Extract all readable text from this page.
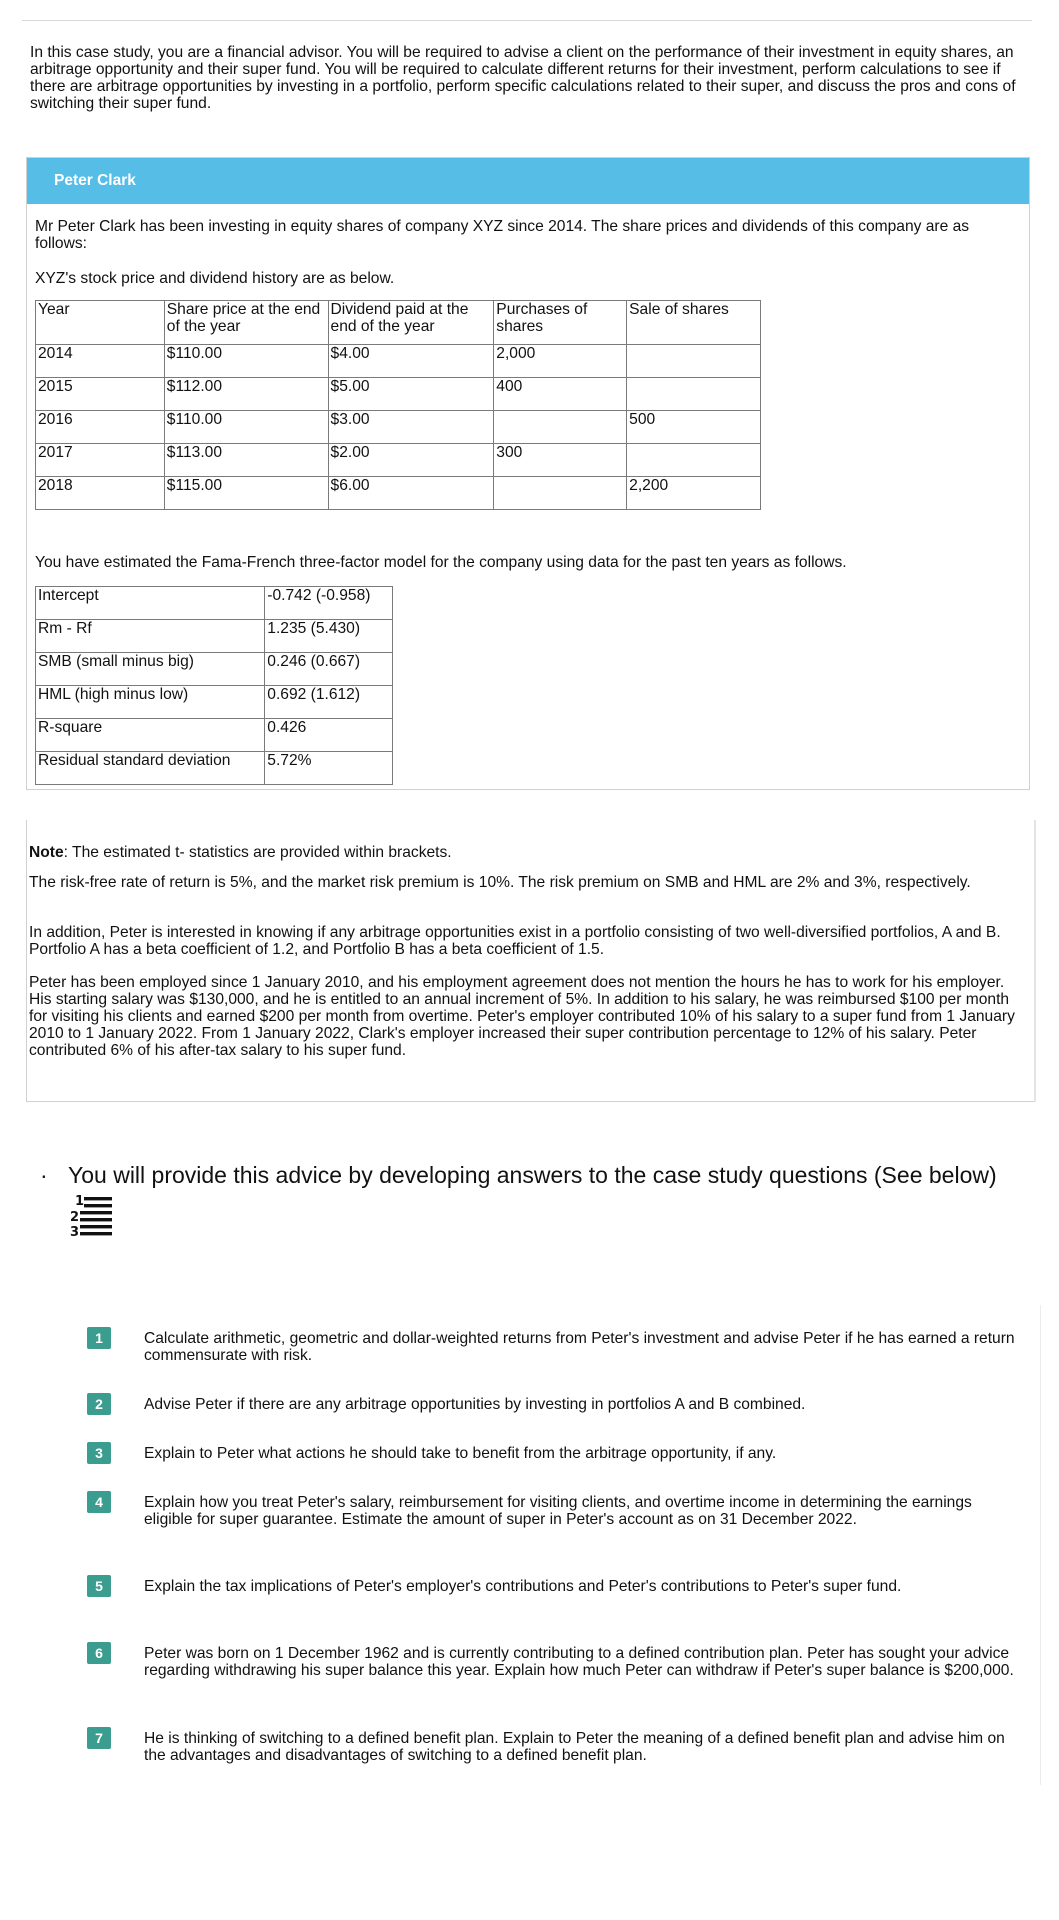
In this case study, you are a financial advisor. You will be required to advise a client on the performance of their investment in equity shares, an arbitrage opportunity and their super fund. You will be required to calculate different returns for their investment, perform calculations to see if there are arbitrage opportunities by investing in a portfolio, perform specific calculations related to their super, and discuss the pros and cons of switching their super fund.

Peter Clark

Mr Peter Clark has been investing in equity shares of company XYZ since 2014. The share prices and dividends of this company are as follows:

XYZ's stock price and dividend history are as below.

Year	Share price at the end of the year	Dividend paid at the end of the year	Purchases of shares	Sale of shares
2014	$110.00	$4.00	2,000	
2015	$112.00	$5.00	400	
2016	$110.00	$3.00		500
2017	$113.00	$2.00	300	
2018	$115.00	$6.00		2,200

You have estimated the Fama-French three-factor model for the company using data for the past ten years as follows.

Intercept	-0.742 (-0.958)
Rm - Rf	1.235 (5.430)
SMB (small minus big)	0.246 (0.667)
HML (high minus low)	0.692 (1.612)
R-square	0.426
Residual standard deviation	5.72%

Note: The estimated t- statistics are provided within brackets.

The risk-free rate of return is 5%, and the market risk premium is 10%. The risk premium on SMB and HML are 2% and 3%, respectively.

In addition, Peter is interested in knowing if any arbitrage opportunities exist in a portfolio consisting of two well-diversified portfolios, A and B. Portfolio A has a beta coefficient of 1.2, and Portfolio B has a beta coefficient of 1.5.

Peter has been employed since 1 January 2010, and his employment agreement does not mention the hours he has to work for his employer. His starting salary was $130,000, and he is entitled to an annual increment of 5%. In addition to his salary, he was reimbursed $100 per month for visiting his clients and earned $200 per month from overtime. Peter's employer contributed 10% of his salary to a super fund from 1 January 2010 to 1 January 2022. From 1 January 2022, Clark's employer increased their super contribution percentage to 12% of his salary. Peter contributed 6% of his after-tax salary to his super fund.

· You will provide this advice by developing answers to the case study questions (See below)
1
2
3
1	Calculate arithmetic, geometric and dollar-weighted returns from Peter's investment and advise Peter if he has earned a return commensurate with risk.
2	Advise Peter if there are any arbitrage opportunities by investing in portfolios A and B combined.
3	Explain to Peter what actions he should take to benefit from the arbitrage opportunity, if any.
4	Explain how you treat Peter's salary, reimbursement for visiting clients, and overtime income in determining the earnings eligible for super guarantee. Estimate the amount of super in Peter's account as on 31 December 2022.
5	Explain the tax implications of Peter's employer's contributions and Peter's contributions to Peter's super fund.
6	Peter was born on 1 December 1962 and is currently contributing to a defined contribution plan. Peter has sought your advice regarding withdrawing his super balance this year. Explain how much Peter can withdraw if Peter's super balance is $200,000.
7	He is thinking of switching to a defined benefit plan. Explain to Peter the meaning of a defined benefit plan and advise him on the advantages and disadvantages of switching to a defined benefit plan.
